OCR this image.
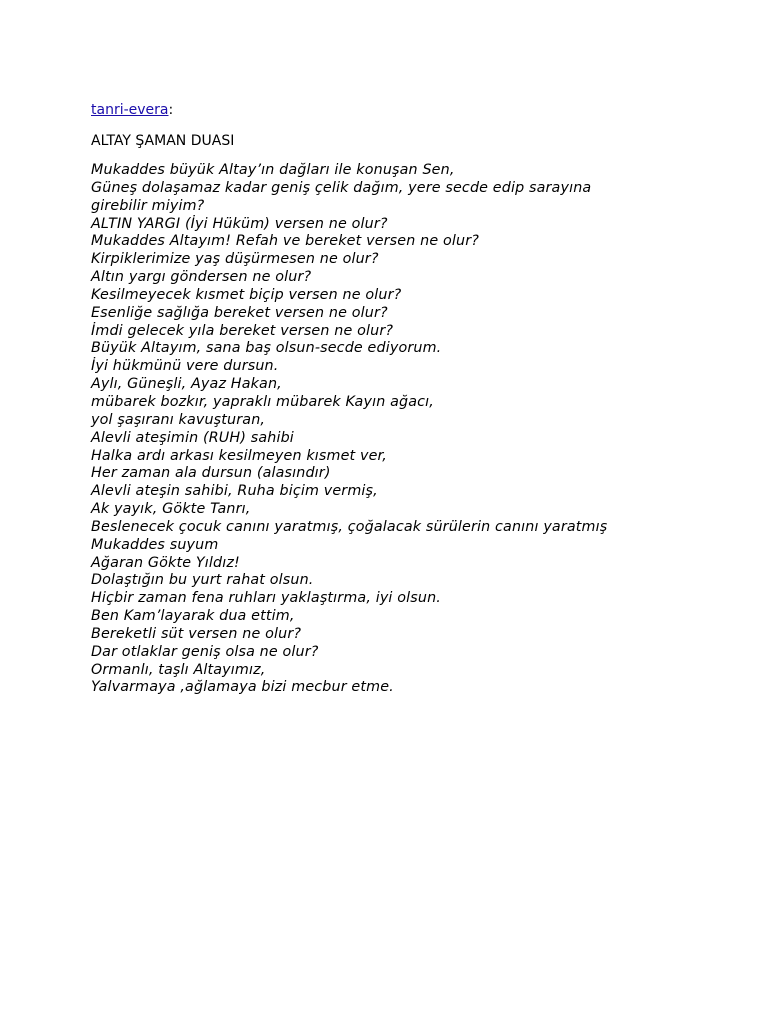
tanri-evera:
ALTAY ŞAMAN DUASI
Mukaddes büyük Altay’ın dağları ile konuşan Sen,
Güneş dolaşamaz kadar geniş çelik dağım, yere secde edip sarayına
girebilir miyim?
ALTIN YARGI (İyi Hüküm) versen ne olur?
Mukaddes Altayım! Refah ve bereket versen ne olur?
Kirpiklerimize yaş düşürmesen ne olur?
Altın yargı göndersen ne olur?
Kesilmeyecek kısmet biçip versen ne olur?
Esenliğe sağlığa bereket versen ne olur?
İmdi gelecek yıla bereket versen ne olur?
Büyük Altayım, sana baş olsun-secde ediyorum.
İyi hükmünü vere dursun.
Aylı, Güneşli, Ayaz Hakan,
mübarek bozkır, yapraklı mübarek Kayın ağacı,
yol şaşıranı kavuşturan,
Alevli ateşimin (RUH) sahibi
Halka ardı arkası kesilmeyen kısmet ver,
Her zaman ala dursun (alasındır)
Alevli ateşin sahibi, Ruha biçim vermiş,
Ak yayık, Gökte Tanrı,
Beslenecek çocuk canını yaratmış, çoğalacak sürülerin canını yaratmış
Mukaddes suyum
Ağaran Gökte Yıldız!
Dolaştığın bu yurt rahat olsun.
Hiçbir zaman fena ruhları yaklaştırma, iyi olsun.
Ben Kam’layarak dua ettim,
Bereketli süt versen ne olur?
Dar otlaklar geniş olsa ne olur?
Ormanlı, taşlı Altayımız,
Yalvarmaya ,ağlamaya bizi mecbur etme.
